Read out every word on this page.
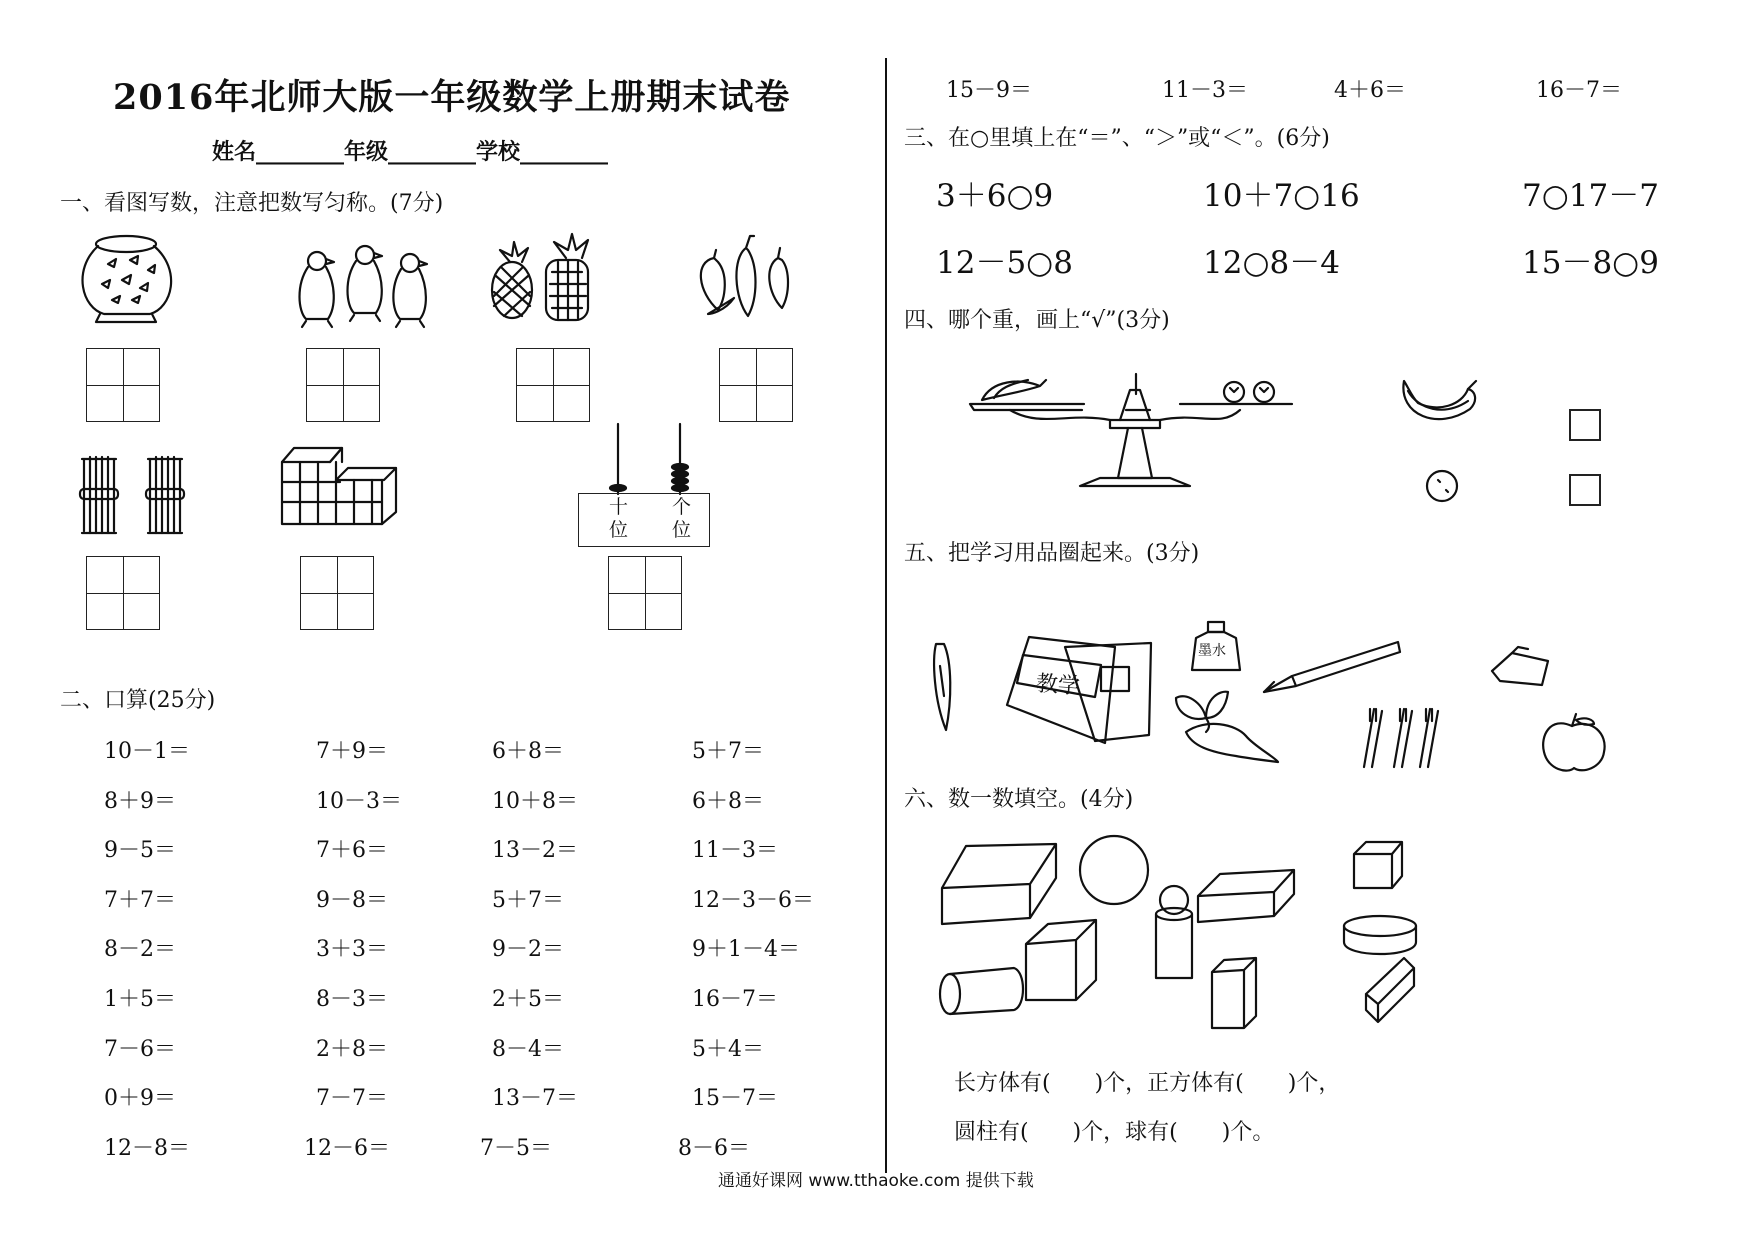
2016年北师大版一年级数学上册期末试卷
姓名________年级________学校________
一、看图写数，注意把数写匀称。(7分)
十位
个位
二、口算(25分)
10－1＝	7＋9＝	6＋8＝	5＋7＝
8＋9＝	10－3＝	10＋8＝	6＋8＝
9－5＝	7＋6＝	13－2＝	11－3＝
7＋7＝	9－8＝	5＋7＝	12－3－6＝
8－2＝	3＋3＝	9－2＝	9＋1－4＝
1＋5＝	8－3＝	2＋5＝	16－7＝
7－6＝	2＋8＝	8－4＝	5＋4＝
0＋9＝	7－7＝	13－7＝	15－7＝
12－8＝	12－6＝	7－5＝	8－6＝
15－9＝	11－3＝	4＋6＝	16－7＝
三、在○里填上在“＝”、“＞”或“＜”。(6分)
3＋6○9	10＋7○16	7○17－7
12－5○8	12○8－4	15－8○9
四、哪个重，画上“√”(3分)
五、把学习用品圈起来。(3分)
教学
墨水
六、数一数填空。(4分)
长方体有(　　)个，正方体有(　　)个，
圆柱有(　　)个，球有(　　)个。
通通好课网 www.tthaoke.com 提供下载
